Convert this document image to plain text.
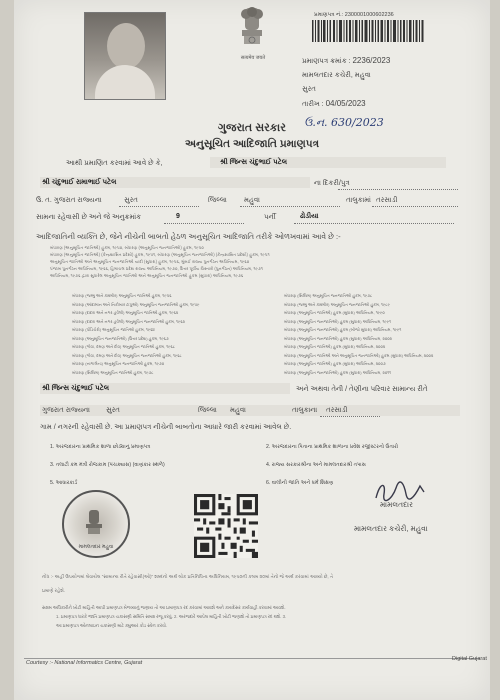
सत्यमेव जयते
પ્રમાણપત્ર નં.: 2300001000602236
પ્રમાણપત્ર ક્રમાંક : 2236/2023
મામલતદાર કચેરી, મહુવા
સુરત
તારીખ : 04/05/2023
ઉ.ન. 630/2023
ગુજરાત સરકાર
અનુસૂચિત આદિજાતિ પ્રમાણપત્ર
આથી પ્રમાણિત કરવામાં આવે છે કે,	શ્રી જિન્સ ચંદુભાઈ પટેલ
શ્રી ચંદુભાઈ રામાભાઈ પટેલ	ના દિકરી/પુત્ર
ઉ. ત. ગુજરાત રાજ્યના	સુરત	જિલ્લા મહુવા	તાલુકામાં તરસાડી
સામના રહેવાસી છે અને જે અનુક્રમાંક	9	પર્ની	ઢોડીયા
આદિજાતિની વ્યક્તિ છે, જેને નીચેની બાબતો હેઠળ અનુસૂચિત આદિજાતિ તરીકે ઓળખવામાં આવે છે :-
બંધારણ (અનુસૂચિત જાતિઓ) હુકમ, ૧૯૫૦, બંધારણ (અનુસૂચિત જનજાતિઓ) હુકમ, ૧૯૫૦
બંધારણ (અનુસૂચિત જાતિઓ) (કેન્દ્રશાસિત પ્રદેશો) હુકમ, ૧૯૫૧, બંધારણ (અનુસૂચિત જનજાતિઓ) (કેન્દ્રશાસિત પ્રદેશો) હુકમ, ૧૯૫૧
અનુસૂચિત જાતિઓ અને અનુસૂચિત જનજાતિઓ યાદી (સુધારા) હુકમ, ૧૯૫૬, મુંબઈ રાજ્ય પુનર્ગઠન અધિનિયમ, ૧૯૬૦
પંજાબ પુનર્ગઠન અધિનિયમ, ૧૯૬૬, હિમાચલ પ્રદેશ રાજ્ય અધિનિયમ, ૧૯૭૦, ઉત્તર પૂર્વીય વિસ્તારો (પુનર્ગઠન) અધિનિયમ, ૧૯૭૧
અધિનિયમ, ૧૯૭૬ દ્વારા સુધારેલ અનુસૂચિત જાતિઓ અને અનુસૂચિત જનજાતિઓ હુકમ (સુધારા) અધિનિયમ, ૧૯૭૬
બંધારણ (જમ્મુ અને કાશ્મીર) અનુસૂચિત જાતિઓ હુકમ, ૧૯૫૬
બંધારણ (આંદામાન અને નિકોબાર ટાપુઓ) અનુસૂચિત જનજાતિઓ હુકમ, ૧૯૫૯
બંધારણ (દાદરા અને નગર હવેલી) અનુસૂચિત જાતિઓ હુકમ, ૧૯૬૨
બંધારણ (દાદરા અને નગર હવેલી) અનુસૂચિત જનજાતિઓ હુકમ, ૧૯૬૨
બંધારણ (પોંડિચેરી) અનુસૂચિત જાતિઓ હુકમ, ૧૯૬૪
બંધારણ (અનુસૂચિત જનજાતિઓ) (ઉત્તર પ્રદેશ) હુકમ, ૧૯૬૭
બંધારણ (ગોવા, દમણ અને દીવ) અનુસૂચિત જાતિઓ હુકમ, ૧૯૬૮
બંધારણ (ગોવા, દમણ અને દીવ) અનુસૂચિત જનજાતિઓ હુકમ, ૧૯૬૮
બંધારણ (નાગાલેન્ડ) અનુસૂચિત જનજાતિઓ હુકમ, ૧૯૭૦
બંધારણ (સિક્કિમ) અનુસૂચિત જાતિઓ હુકમ, ૧૯૭૮
બંધારણ (સિક્કિમ) અનુસૂચિત જનજાતિઓ હુકમ, ૧૯૭૮
બંધારણ (જમ્મુ અને કાશ્મીર) અનુસૂચિત જનજાતિઓ હુકમ, ૧૯૮૯
બંધારણ (અનુસૂચિત જાતિઓ) હુકમ (સુધારા) અધિનિયમ, ૧૯૯૦
બંધારણ (અનુસૂચિત જનજાતિઓ) હુકમ (સુધારા) અધિનિયમ, ૧૯૯૧
બંધારણ (અનુસૂચિત જનજાતિઓ) હુકમ (બીજો સુધારા) અધિનિયમ, ૧૯૯૧
બંધારણ (અનુસૂચિત જનજાતિઓ) હુકમ (સુધારા) અધિનિયમ, ૨૦૦૨
બંધારણ (અનુસૂચિત જાતિઓ) હુકમ (સુધારા) અધિનિયમ, ૨૦૦૨
બંધારણ (અનુસૂચિત જાતિઓ અને અનુસૂચિત જનજાતિઓ) હુકમ (સુધારા) અધિનિયમ, ૨૦૦૨
બંધારણ (અનુસૂચિત જાતિઓ) હુકમ (સુધારા) અધિનિયમ, ૨૦૦૭
બંધારણ (અનુસૂચિત જનજાતિઓ) હુકમ (સુધારા) અધિનિયમ, ૨૦૧૧
શ્રી જિન્સ ચંદુભાઈ પટેલ	અને અથવા તેની / તેણીના પરિવાર સામાન્ય રીતે
ગુજરાત રાજ્યના સુરત	જિલ્લા મહુવા	તાલુકાના તરસાડી
ગામ / નગરની રહેવાસી છે. આ પ્રમાણપત્ર નીચેની બાબતોના આધારે જારી કરવામાં આવેલ છે.
1. અરજદારના પ્રાથમિક શાળા છોડ્યાનું પ્રમાણપત્ર	2. અરજદારના પિતાના પ્રાથમિક શાળાના પ્રવેશ રજીસ્ટરનો ઉતારો
3. તલાટી કમ મંત્રી રોજકામ (પંચક્યાસ) (વાણંકાર સ્થળે)	4. રાજ્ય સરકારશ્રીના અને મામલતદારશ્રી તપાસ
5. આધારકાર્ડ	6. વાલીની જાતિ અને ધર્મ શિક્ષણ
મામલતદાર મહુવા
મામલતદાર
મામલતદાર કચેરી, મહુવા
નોંધ :- અહીં ઉપયોગમાં લેવાયેલ "સામાન્ય રીતે રહેવાસી(ઓ)" શબ્દનો અર્થ લોક પ્રતિનિધિત્વ અધિનિયમ, ૧૯૫૦ની કલમ ૨૦માં તેનો જે અર્થ કરવામાં આવ્યો છે, તે
પ્રમાણે રહેશે.
સક્ષમ અધિકારીને ખોટી માહિતી આપી પ્રમાણપત્ર મેળવ્યાનું જણાય તો આ પ્રમાણપત્ર રદ કરવામાં આવશે અને કાયદેસર કાર્યવાહી કરવામાં આવશે.
1. પ્રમાણપત્ર ધારકે જાતિ પ્રમાણપત્ર ચકાસણી સમિતિ સમક્ષ રજૂ કરવું. 2. અરજદારે આપેલ માહિતી ખોટી જણાશે તો પ્રમાણપત્ર રદ થશે. 3.
આ પ્રમાણપત્ર ઓનલાઇન ચકાસણી માટે ક્યુઆર કોડ સ્કેન કરવો.
Courtesy :- National Informatics Centre, Gujarat
Digital Gujarat
